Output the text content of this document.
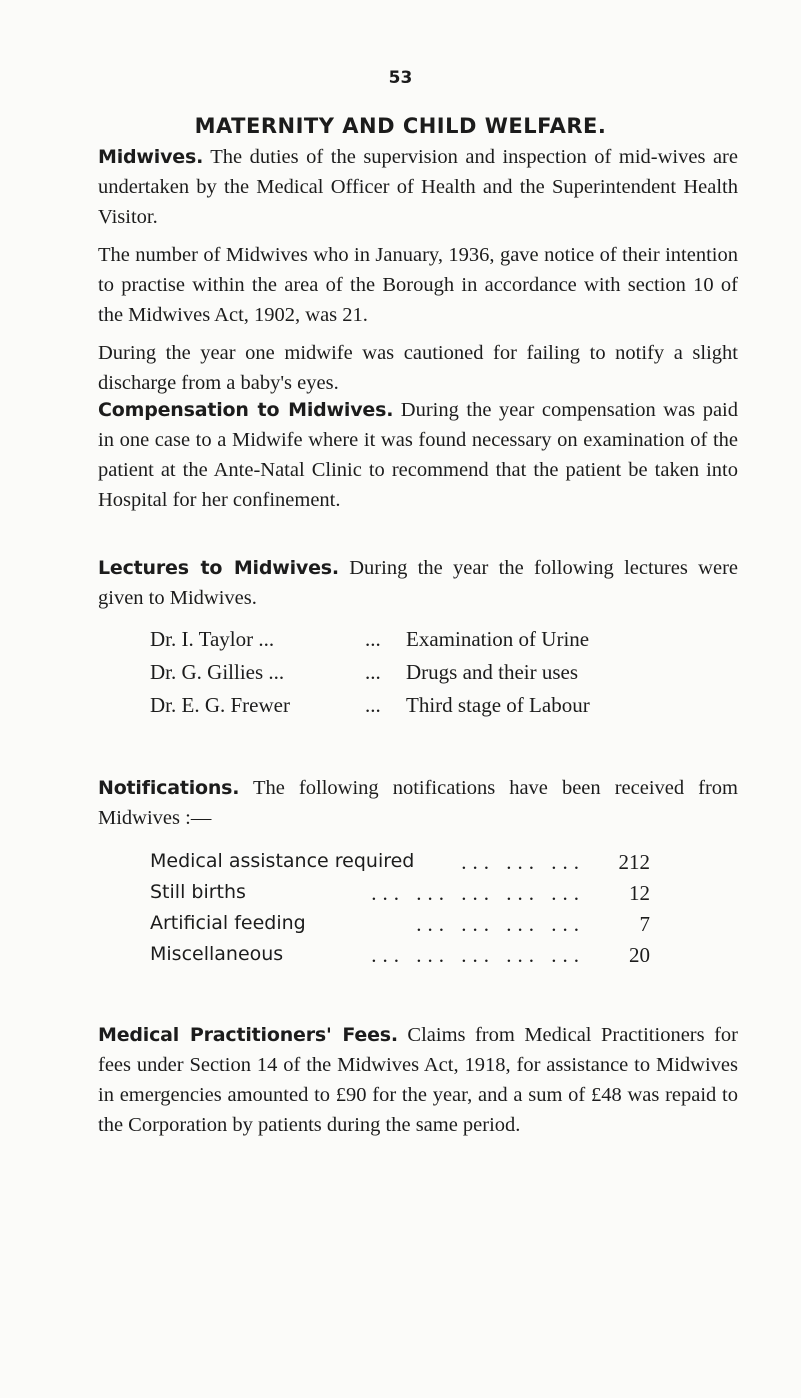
53
MATERNITY AND CHILD WELFARE.

Midwives. The duties of the supervision and inspection of mid-wives are undertaken by the Medical Officer of Health and the Superintendent Health Visitor.

The number of Midwives who in January, 1936, gave notice of their intention to practise within the area of the Borough in accordance with section 10 of the Midwives Act, 1902, was 21.

During the year one midwife was cautioned for failing to notify a slight discharge from a baby's eyes.

Compensation to Midwives. During the year compensation was paid in one case to a Midwife where it was found necessary on examination of the patient at the Ante-Natal Clinic to recommend that the patient be taken into Hospital for her confinement.

Lectures to Midwives. During the year the following lectures were given to Midwives.

Dr. I. Taylor ...	... Examination of Urine
Dr. G. Gillies ...	... Drugs and their uses
Dr. E. G. Frewer	... Third stage of Labour

Notifications. The following notifications have been received from Midwives :—

Medical assistance required	... ... ... 212
Still births	... ... ... ... ... 12
Artificial feeding	... ... ... ...	7
Miscellaneous	... ... ... ... ... 20

Medical Practitioners' Fees. Claims from Medical Practitioners for fees under Section 14 of the Midwives Act, 1918, for assistance to Midwives in emergencies amounted to £90 for the year, and a sum of £48 was repaid to the Corporation by patients during the same period.
